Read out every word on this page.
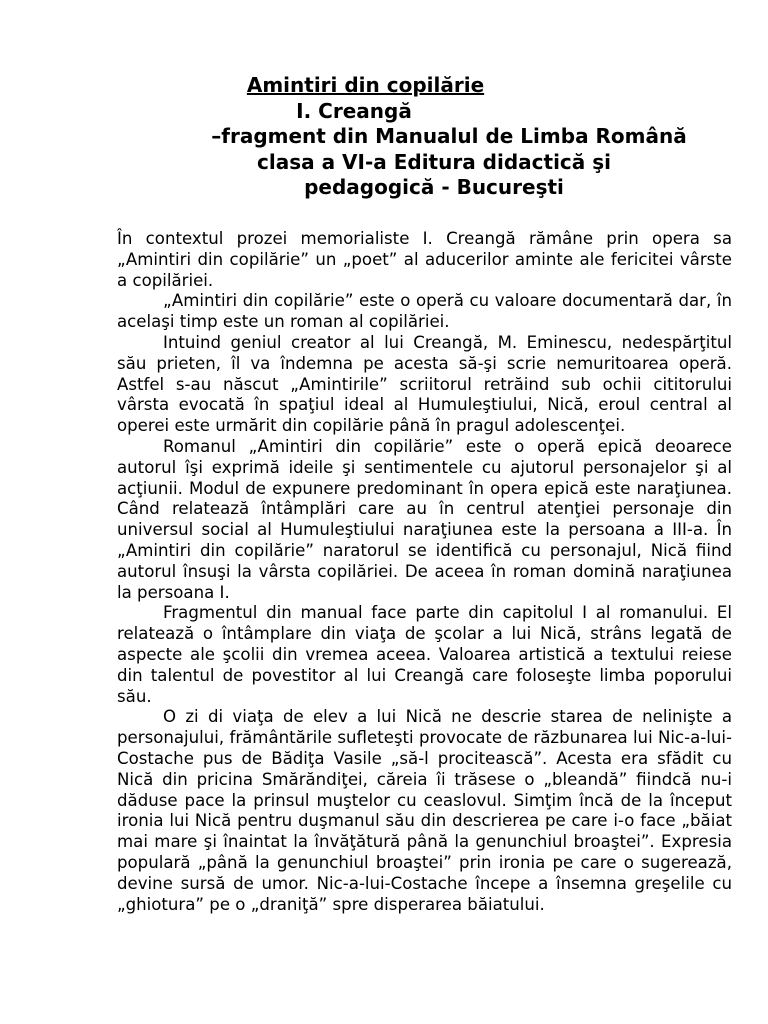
Amintiri din copilărie
I. Creangă
–fragment din Manualul de Limba Română
clasa a VI-a Editura didactică şi
pedagogică - Bucureşti

În contextul prozei memorialiste I. Creangă rămâne prin opera sa „Amintiri din copilărie” un „poet” al aducerilor aminte ale fericitei vârste a copilăriei.

„Amintiri din copilărie” este o operă cu valoare documentară dar, în acelaşi timp este un roman al copilăriei.

Intuind geniul creator al lui Creangă, M. Eminescu, nedespărţitul său prieten, îl va îndemna pe acesta să-şi scrie nemuritoarea operă. Astfel s-au născut „Amintirile” scriitorul retrăind sub ochii cititorului vârsta evocată în spaţiul ideal al Humuleştiului, Nică, eroul central al operei este urmărit din copilărie până în pragul adolescenţei.

Romanul „Amintiri din copilărie” este o operă epică deoarece autorul îşi exprimă ideile şi sentimentele cu ajutorul personajelor şi al acţiunii. Modul de expunere predominant în opera epică este naraţiunea. Când relatează întâmplări care au în centrul atenţiei personaje din universul social al Humuleştiului naraţiunea este la persoana a III-a. În „Amintiri din copilărie” naratorul se identifică cu personajul, Nică fiind autorul însuşi la vârsta copilăriei. De aceea în roman domină naraţiunea la persoana I.

Fragmentul din manual face parte din capitolul I al romanului. El relatează o întâmplare din viaţa de şcolar a lui Nică, strâns legată de aspecte ale şcolii din vremea aceea. Valoarea artistică a textului reiese din talentul de povestitor al lui Creangă care foloseşte limba poporului său.

O zi di viaţa de elev a lui Nică ne descrie starea de nelinişte a personajului, frământările sufleteşti provocate de răzbunarea lui Nic-a-lui-Costache pus de Bădiţa Vasile „să-l procitească”. Acesta era sfădit cu Nică din pricina Smărăndiţei, căreia îi trăsese o „bleandă” fiindcă nu-i dăduse pace la prinsul muştelor cu ceaslovul. Simţim încă de la început ironia lui Nică pentru duşmanul său din descrierea pe care i-o face „băiat mai mare şi înaintat la învăţătură până la genunchiul broaştei”. Expresia populară „până la genunchiul broaştei” prin ironia pe care o sugerează, devine sursă de umor. Nic-a-lui-Costache începe a însemna greşelile cu „ghiotura” pe o „draniţă” spre disperarea băiatului.
